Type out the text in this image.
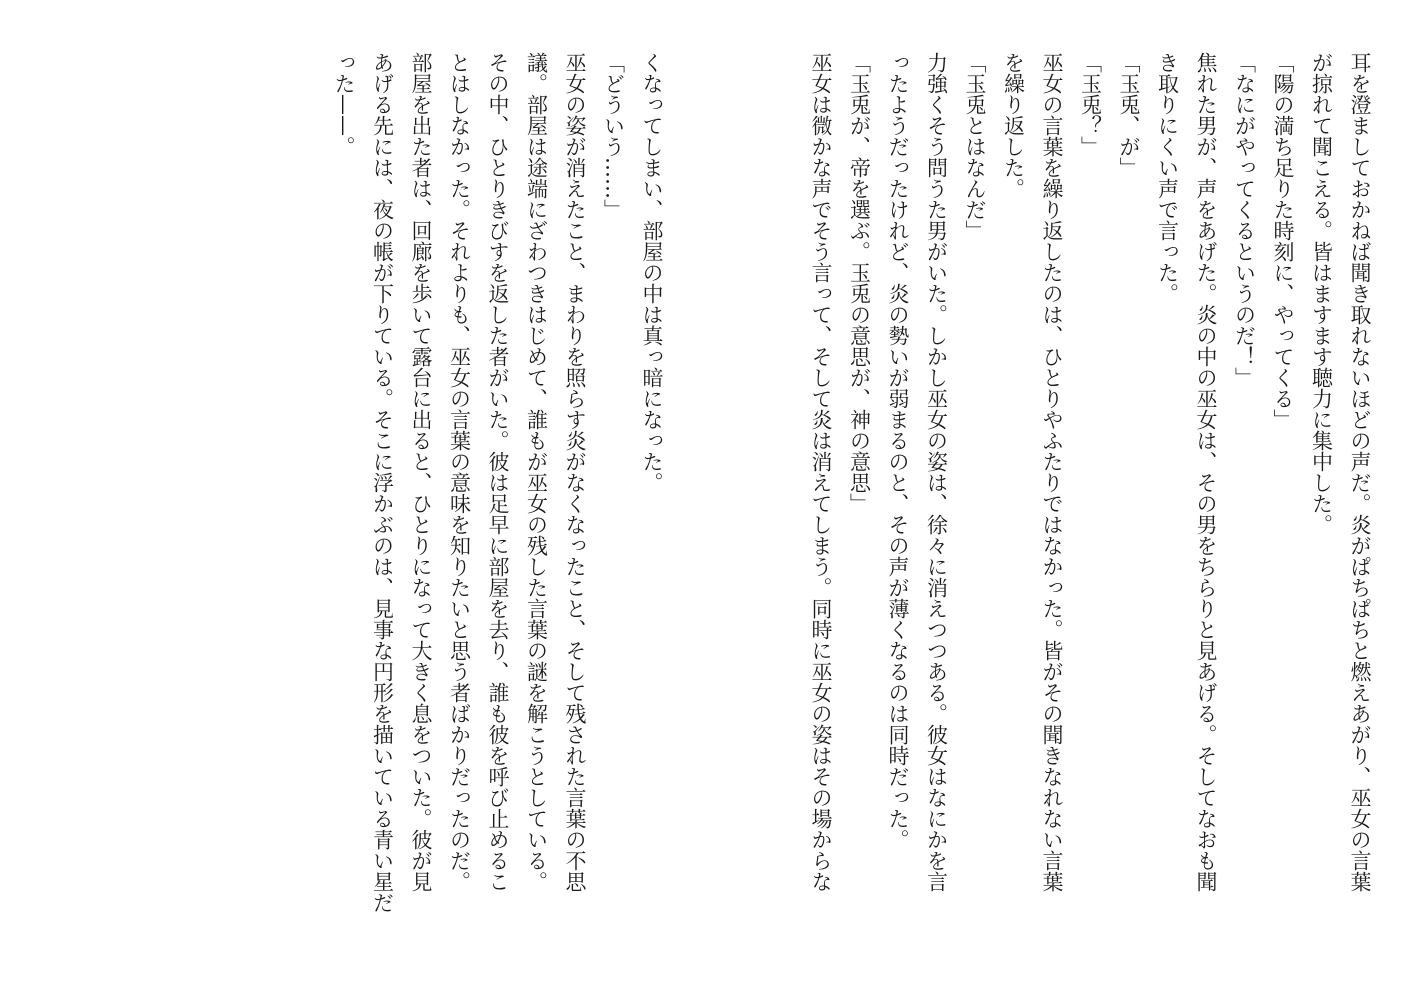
耳を澄ましておかねば聞き取れないほどの声だ。炎がぱちぱちと燃えあがり、巫女の言葉
が掠れて聞こえる。皆はますます聴力に集中した。
「陽の満ち足りた時刻に、やってくる」
「なにがやってくるというのだ！」
焦れた男が、声をあげた。炎の中の巫女は、その男をちらりと見あげる。そしてなおも聞
き取りにくい声で言った。
「玉兎、が」
「玉兎？」
巫女の言葉を繰り返したのは、ひとりやふたりではなかった。皆がその聞きなれない言葉
を繰り返した。
「玉兎とはなんだ」
力強くそう問うた男がいた。しかし巫女の姿は、徐々に消えつつある。彼女はなにかを言
ったようだったけれど、炎の勢いが弱まるのと、その声が薄くなるのは同時だった。
「玉兎が、帝を選ぶ。玉兎の意思が、神の意思」
巫女は微かな声でそう言って、そして炎は消えてしまう。同時に巫女の姿はその場からな
くなってしまい、部屋の中は真っ暗になった。
「どういう……」
巫女の姿が消えたこと、まわりを照らす炎がなくなったこと、そして残された言葉の不思
議。部屋は途端にざわつきはじめて、誰もが巫女の残した言葉の謎を解こうとしている。
その中、ひとりきびすを返した者がいた。彼は足早に部屋を去り、誰も彼を呼び止めるこ
とはしなかった。それよりも、巫女の言葉の意味を知りたいと思う者ばかりだったのだ。
部屋を出た者は、回廊を歩いて露台に出ると、ひとりになって大きく息をついた。彼が見
あげる先には、夜の帳が下りている。そこに浮かぶのは、見事な円形を描いている青い星だ
った——。
